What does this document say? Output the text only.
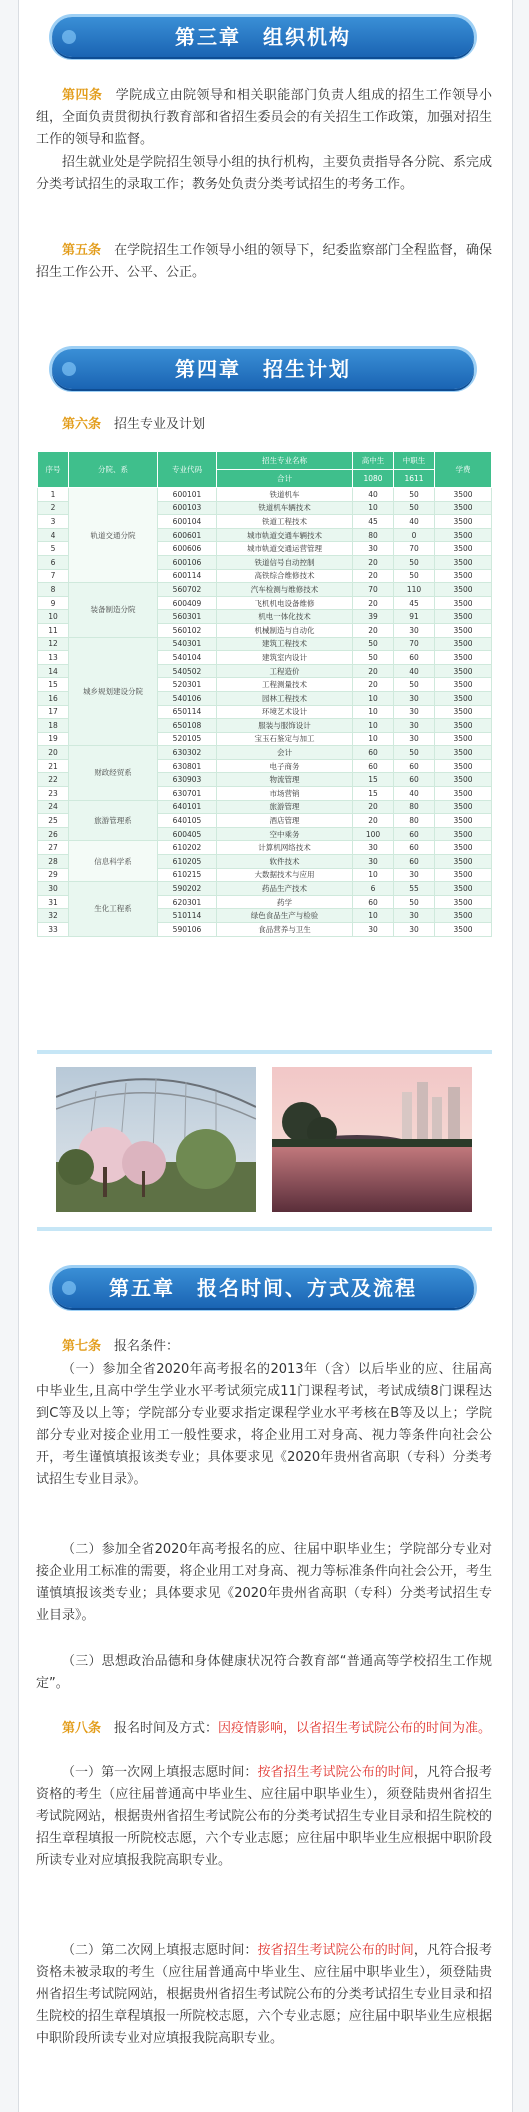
第三章　组织机构
第四条　学院成立由院领导和相关职能部门负责人组成的招生工作领导小组，全面负责贯彻执行教育部和省招生委员会的有关招生工作政策，加强对招生工作的领导和监督。
招生就业处是学院招生领导小组的执行机构，主要负责指导各分院、系完成分类考试招生的录取工作；教务处负责分类考试招生的考务工作。
第五条　在学院招生工作领导小组的领导下，纪委监察部门全程监督，确保招生工作公开、公平、公正。
第四章　招生计划
第六条　招生专业及计划
序号	分院、系	专业代码	招生专业名称	高中生	中职生	学费
			合计	1080	1611	
1	轨道交通分院	600101	铁道机车	40	50	3500
2		600103	铁道机车辆技术	10	50	3500
3		600104	铁道工程技术	45	40	3500
4		600601	城市轨道交通车辆技术	80	0	3500
5		600606	城市轨道交通运营管理	30	70	3500
6		600106	铁道信号自动控制	20	50	3500
7		600114	高铁综合维修技术	20	50	3500
8	装备制造分院	560702	汽车检测与维修技术	70	110	3500
9		600409	飞机机电设备维修	20	45	3500
10		560301	机电一体化技术	39	91	3500
11		560102	机械制造与自动化	20	30	3500
12	城乡规划建设分院	540301	建筑工程技术	50	70	3500
13		540104	建筑室内设计	50	60	3500
14		540502	工程造价	20	40	3500
15		520301	工程测量技术	20	50	3500
16		540106	园林工程技术	10	30	3500
17		650114	环境艺术设计	10	30	3500
18		650108	服装与服饰设计	10	30	3500
19		520105	宝玉石鉴定与加工	10	30	3500
20	财政经贸系	630302	会计	60	50	3500
21		630801	电子商务	60	60	3500
22		630903	物流管理	15	60	3500
23		630701	市场营销	15	40	3500
24	旅游管理系	640101	旅游管理	20	80	3500
25		640105	酒店管理	20	80	3500
26		600405	空中乘务	100	60	3500
27	信息科学系	610202	计算机网络技术	30	60	3500
28		610205	软件技术	30	60	3500
29		610215	大数据技术与应用	10	30	3500
30	生化工程系	590202	药品生产技术	6	55	3500
31		620301	药学	60	50	3500
32		510114	绿色食品生产与检验	10	30	3500
33		590106	食品营养与卫生	30	30	3500
第五章　报名时间、方式及流程
第七条　报名条件：
（一）参加全省2020年高考报名的2013年（含）以后毕业的应、往届高中毕业生,且高中学生学业水平考试须完成11门课程考试，考试成绩8门课程达到C等及以上等；学院部分专业要求指定课程学业水平考核在B等及以上；学院部分专业对接企业用工一般性要求，将企业用工对身高、视力等条件向社会公开，考生谨慎填报该类专业；具体要求见《2020年贵州省高职（专科）分类考试招生专业目录》。
（二）参加全省2020年高考报名的应、往届中职毕业生；学院部分专业对接企业用工标准的需要，将企业用工对身高、视力等标准条件向社会公开，考生谨慎填报该类专业；具体要求见《2020年贵州省高职（专科）分类考试招生专业目录》。
（三）思想政治品德和身体健康状况符合教育部“普通高等学校招生工作规定”。
第八条　报名时间及方式：因疫情影响，以省招生考试院公布的时间为准。
（一）第一次网上填报志愿时间：按省招生考试院公布的时间，凡符合报考资格的考生（应往届普通高中毕业生、应往届中职毕业生），须登陆贵州省招生考试院网站，根据贵州省招生考试院公布的分类考试招生专业目录和招生院校的招生章程填报一所院校志愿，六个专业志愿；应往届中职毕业生应根据中职阶段所读专业对应填报我院高职专业。
（二）第二次网上填报志愿时间：按省招生考试院公布的时间，凡符合报考资格未被录取的考生（应往届普通高中毕业生、应往届中职毕业生），须登陆贵州省招生考试院网站，根据贵州省招生考试院公布的分类考试招生专业目录和招生院校的招生章程填报一所院校志愿，六个专业志愿；应往届中职毕业生应根据中职阶段所读专业对应填报我院高职专业。
